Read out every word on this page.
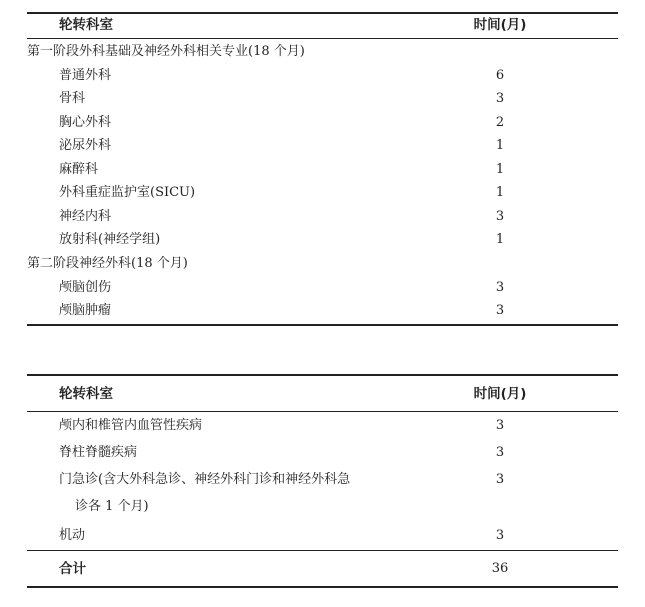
轮转科室	时间(月)
第一阶段外科基础及神经外科相关专业(18 个月)
普通外科	6
骨科	3
胸心外科	2
泌尿外科	1
麻醉科	1
外科重症监护室(SICU)	1
神经内科	3
放射科(神经学组)	1
第二阶段神经外科(18 个月)
颅脑创伤	3
颅脑肿瘤	3
轮转科室	时间(月)
颅内和椎管内血管性疾病	3
脊柱脊髓疾病	3
门急诊(含大外科急诊、神经外科门诊和神经外科急	3
诊各 1 个月)
机动	3
合计	36
